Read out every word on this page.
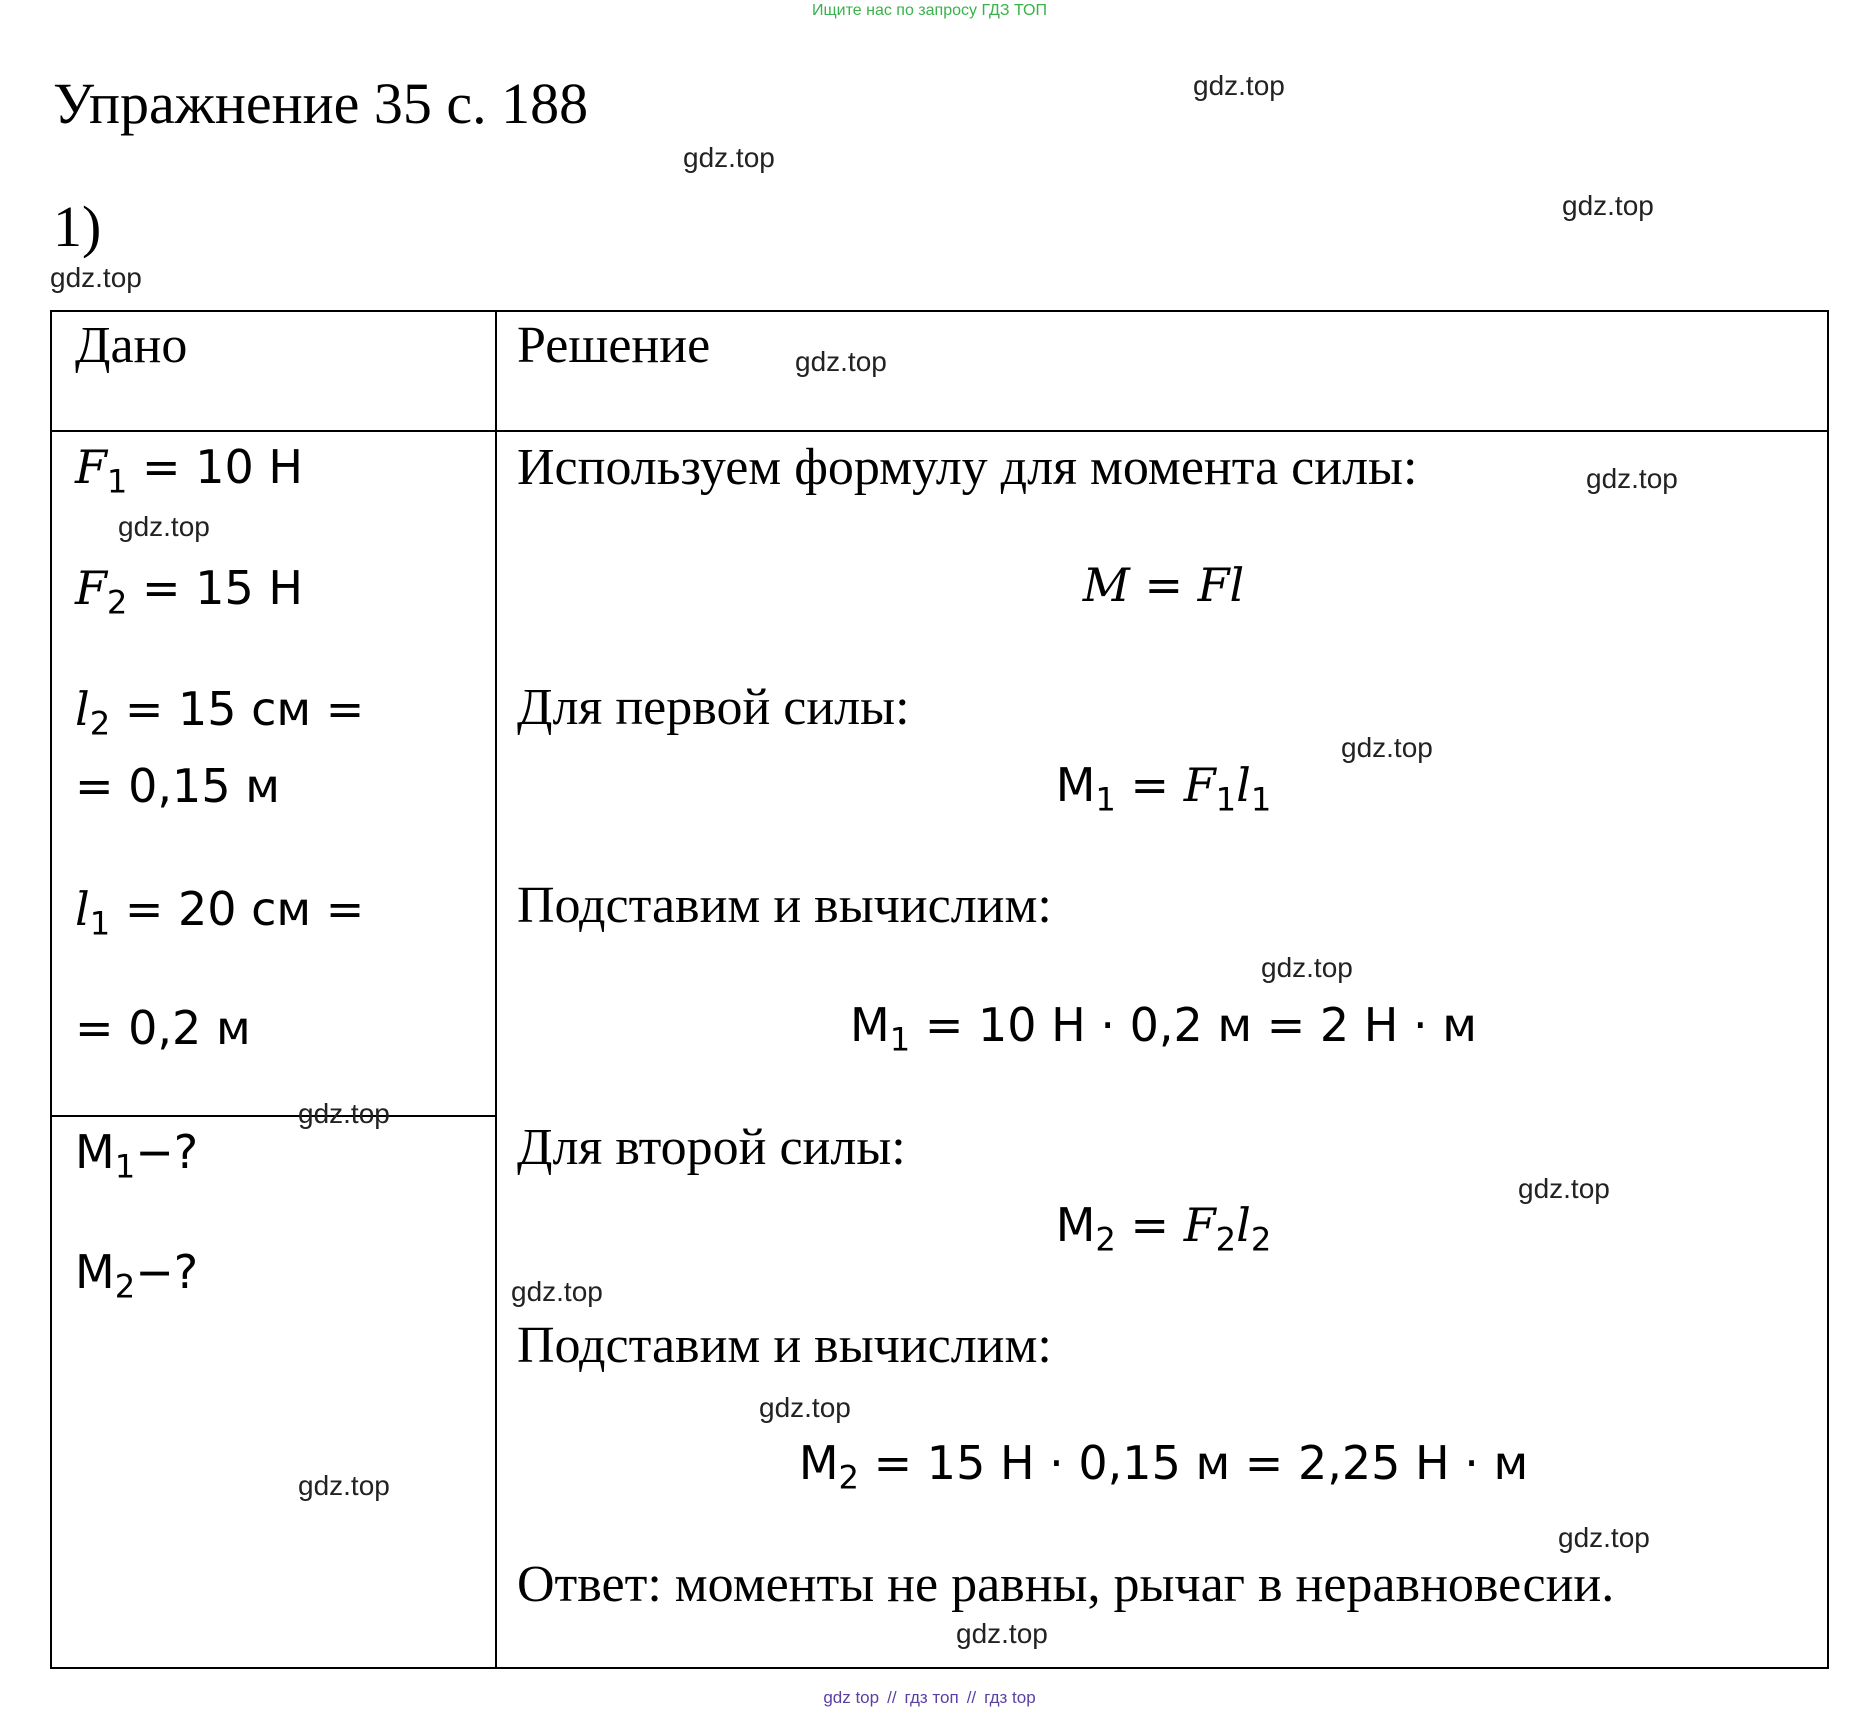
Ищите нас по запросу ГДЗ ТОП
Упражнение 35 с. 188
1)
Дано	Решение
$F_1 = 10$ Н
$F_2 = 15$ Н
$l_2 = 15$ см =
= 0,15 м
$l_1 = 20$ см =
= 0,2 м
$M_1-$?
$M_2-$?
Используем формулу для момента силы:
M = Fl
Для первой силы:
$M_1 = F_1l_1$
Подставим и вычислим:
$M_1 = 10$ Н · 0,2 м = 2 Н · м
Для второй силы:
$M_2 = F_2l_2$
Подставим и вычислим:
$M_2 = 15$ Н · 0,15 м = 2,25 Н · м
Ответ: моменты не равны, рычаг в неравновесии.
gdz.top
gdz.top
gdz.top
gdz.top
gdz.top
gdz.top
gdz.top
gdz.top
gdz.top
gdz.top
gdz.top
gdz.top
gdz.top
gdz.top
gdz.top
gdz.top
gdz top // гдз топ // гдз top
